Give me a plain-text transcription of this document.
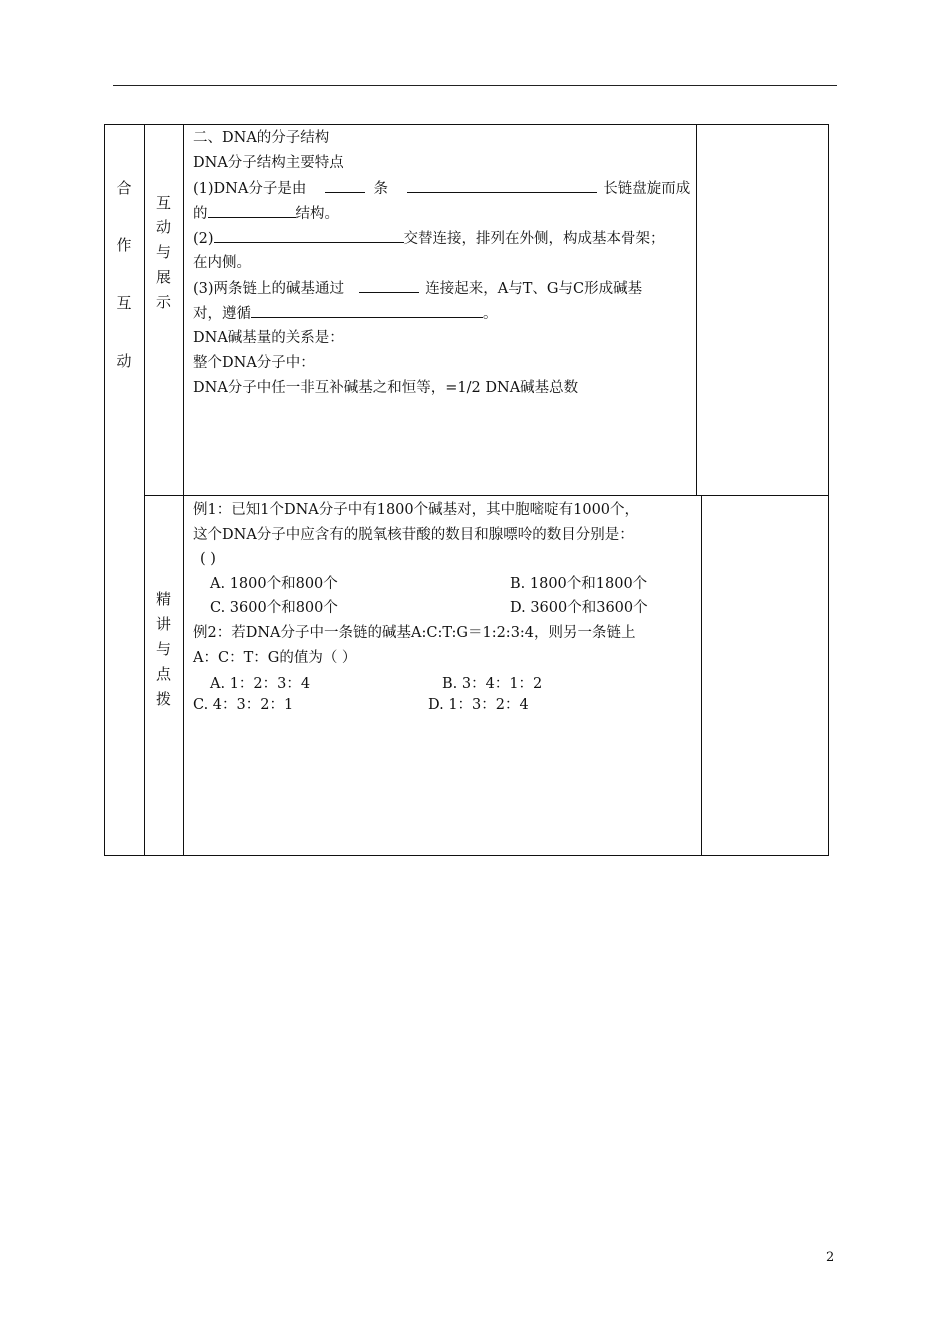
合
作
互
动
互
动
与
展
示
二、DNA的分子结构
DNA分子结构主要特点
(1)DNA分子是由	条	长链盘旋而成
的	结构。
(2)	交替连接，排列在外侧，构成基本骨架；
在内侧。
(3)两条链上的碱基通过	连接起来，A与T、G与C形成碱基
对，遵循	。
DNA碱基量的关系是：
整个DNA分子中：
DNA分子中任一非互补碱基之和恒等，=1/2 DNA碱基总数
精
讲
与
点
拨
例1：已知1个DNA分子中有1800个碱基对，其中胞嘧啶有1000个，
这个DNA分子中应含有的脱氧核苷酸的数目和腺嘌呤的数目分别是：
( )
A. 1800个和800个	B. 1800个和1800个
C. 3600个和800个	D. 3600个和3600个
例2：若DNA分子中一条链的碱基A:C:T:G＝1:2:3:4，则另一条链上
A：C：T：G的值为（ ）
A. 1：2：3：4	B. 3：4：1：2
C. 4：3：2：1	D. 1：3：2：4
2
